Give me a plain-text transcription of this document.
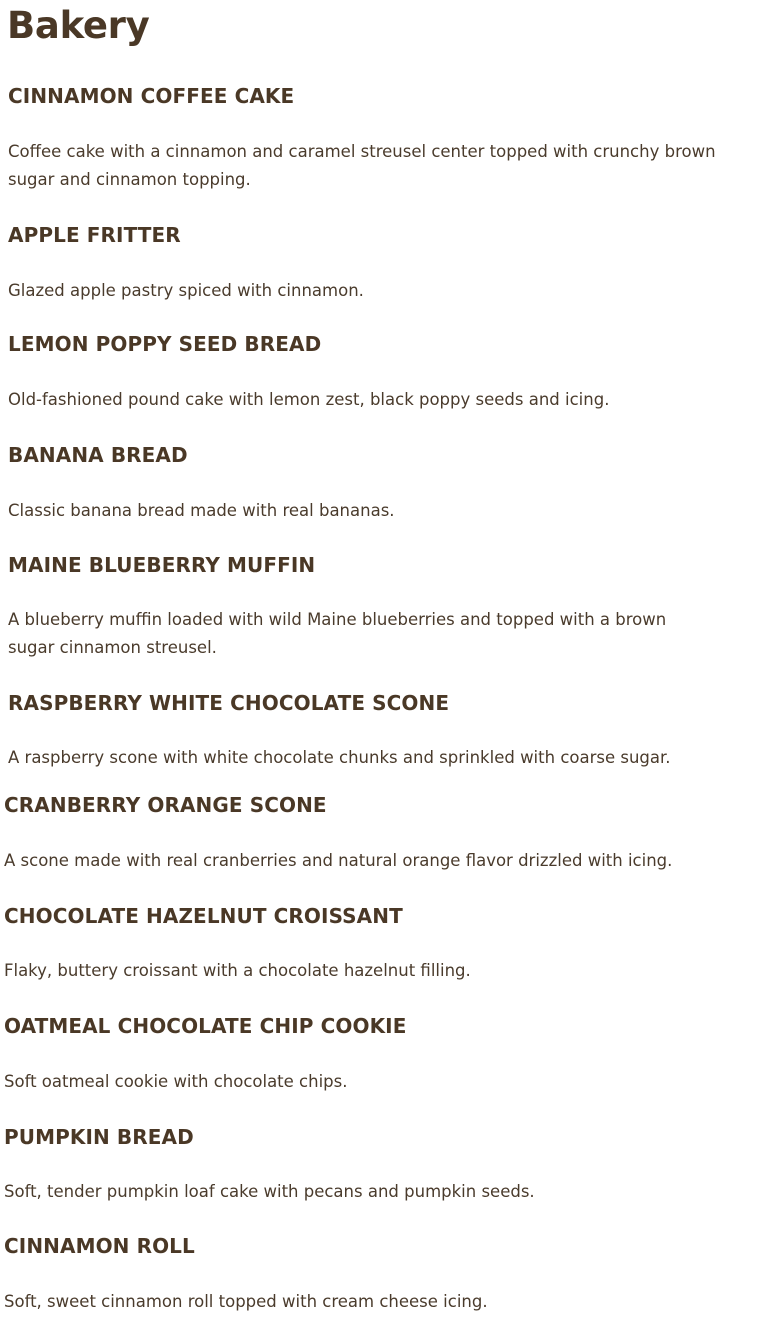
Bakery
CINNAMON COFFEE CAKE

Coffee cake with a cinnamon and caramel streusel center topped with crunchy brown sugar and cinnamon topping.

APPLE FRITTER

Glazed apple pastry spiced with cinnamon.

LEMON POPPY SEED BREAD

Old-fashioned pound cake with lemon zest, black poppy seeds and icing.

BANANA BREAD

Classic banana bread made with real bananas.

MAINE BLUEBERRY MUFFIN

A blueberry muffin loaded with wild Maine blueberries and topped with a brown sugar cinnamon streusel.

RASPBERRY WHITE CHOCOLATE SCONE

A raspberry scone with white chocolate chunks and sprinkled with coarse sugar.

CRANBERRY ORANGE SCONE

A scone made with real cranberries and natural orange flavor drizzled with icing.

CHOCOLATE HAZELNUT CROISSANT

Flaky, buttery croissant with a chocolate hazelnut filling.

OATMEAL CHOCOLATE CHIP COOKIE

Soft oatmeal cookie with chocolate chips.

PUMPKIN BREAD

Soft, tender pumpkin loaf cake with pecans and pumpkin seeds.

CINNAMON ROLL

Soft, sweet cinnamon roll topped with cream cheese icing.
